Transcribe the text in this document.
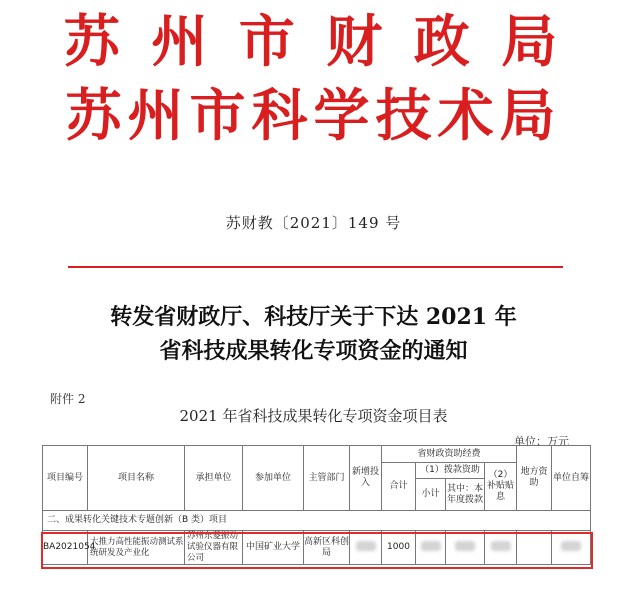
苏 州 市 财 政 局
苏州市科学技术局
苏财教〔2021〕149 号
转发省财政厅、科技厅关于下达 2021 年
省科技成果转化专项资金的通知
附件 2
2021 年省科技成果转化专项资金项目表
单位：万元
项目编号	项目名称	承担单位	参加单位	主管部门	新增投入	省财政资助经费				地方资助	单位自筹
						合计	（1）拨款资助		（2）补贴贴息		
							小计	其中：本年度拨款			

二、成果转化关键技术专题创新（B 类）项目											
BA2021054	大推力高性能振动测试系统研发及产业化	苏州东菱振动试验仪器有限公司	中国矿业大学	高新区科创局		1000					
